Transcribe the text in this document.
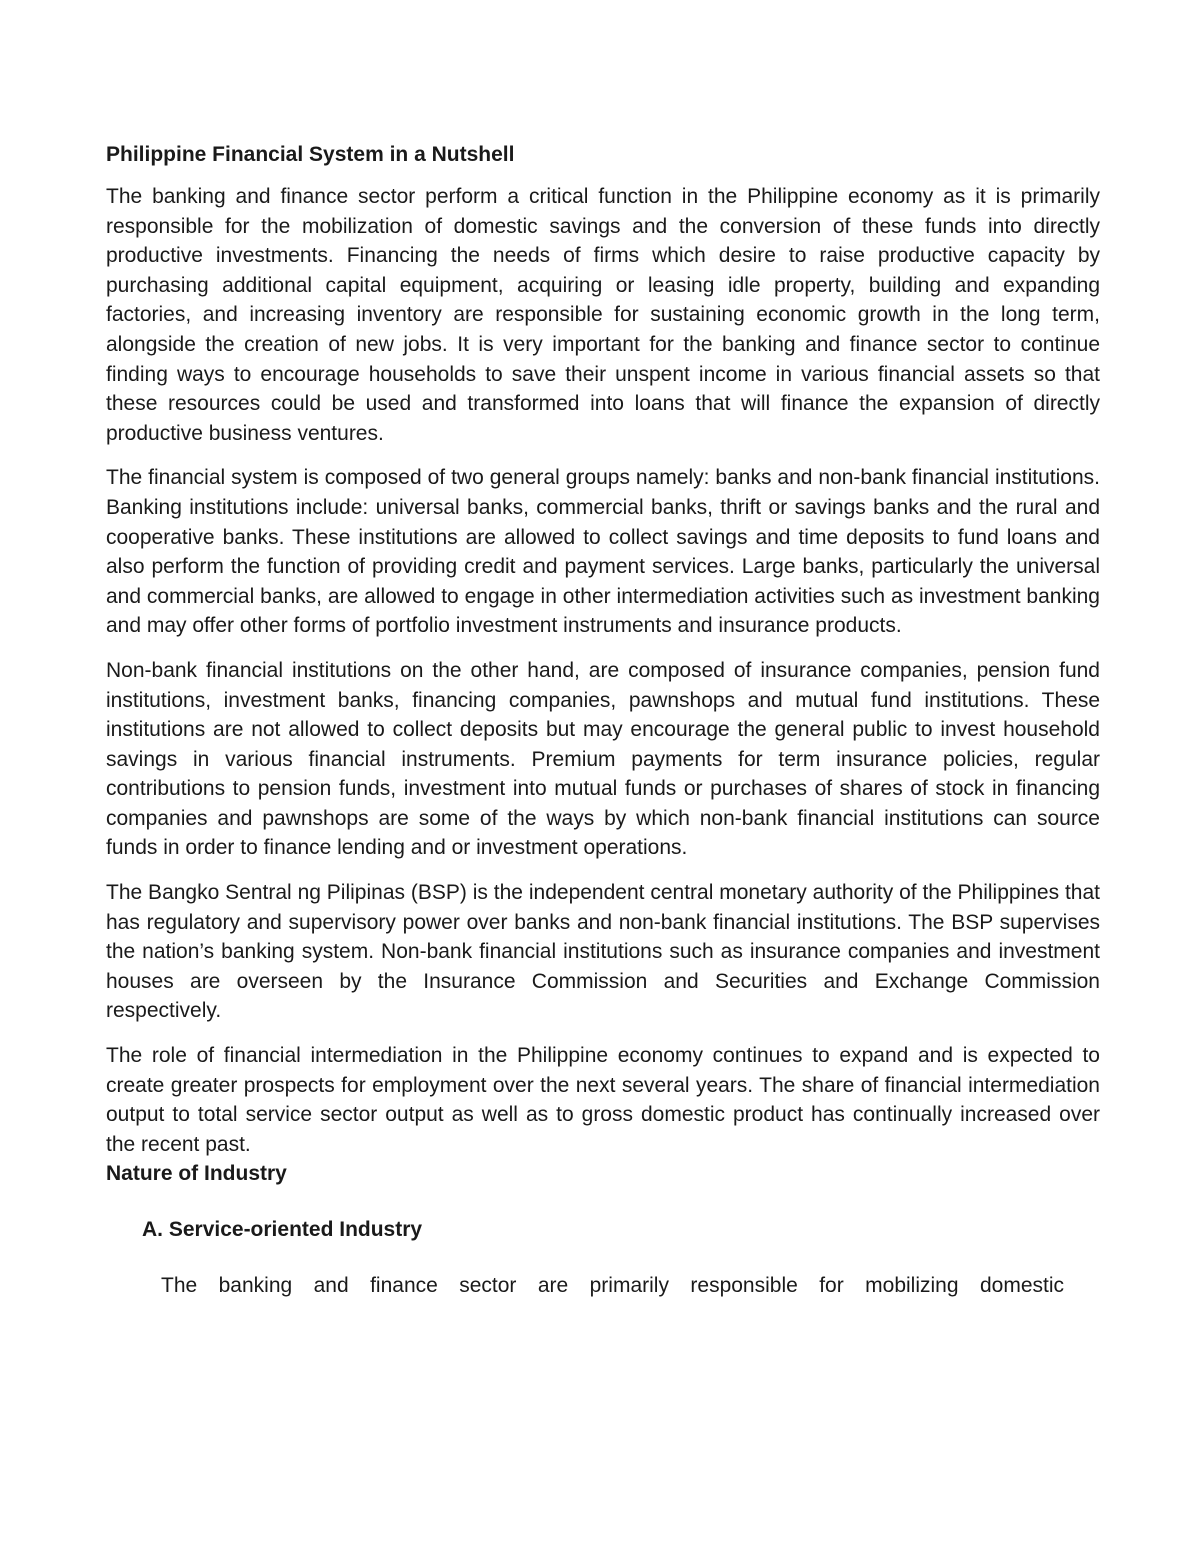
Philippine Financial System in a Nutshell

The banking and finance sector perform a critical function in the Philippine economy as it is primarily responsible for the mobilization of domestic savings and the conversion of these funds into directly productive investments. Financing the needs of firms which desire to raise productive capacity by purchasing additional capital equipment, acquiring or leasing idle property, building and expanding factories, and increasing inventory are responsible for sustaining economic growth in the long term, alongside the creation of new jobs. It is very important for the banking and finance sector to continue finding ways to encourage households to save their unspent income in various financial assets so that these resources could be used and transformed into loans that will finance the expansion of directly productive business ventures.

The financial system is composed of two general groups namely: banks and non-bank financial institutions. Banking institutions include: universal banks, commercial banks, thrift or savings banks and the rural and cooperative banks. These institutions are allowed to collect savings and time deposits to fund loans and also perform the function of providing credit and payment services. Large banks, particularly the universal and commercial banks, are allowed to engage in other intermediation activities such as investment banking and may offer other forms of portfolio investment instruments and insurance products.

Non-bank financial institutions on the other hand, are composed of insurance companies, pension fund institutions, investment banks, financing companies, pawnshops and mutual fund institutions. These institutions are not allowed to collect deposits but may encourage the general public to invest household savings in various financial instruments. Premium payments for term insurance policies, regular contributions to pension funds, investment into mutual funds or purchases of shares of stock in financing companies and pawnshops are some of the ways by which non-bank financial institutions can source funds in order to finance lending and or investment operations.

The Bangko Sentral ng Pilipinas (BSP) is the independent central monetary authority of the Philippines that has regulatory and supervisory power over banks and non-bank financial institutions. The BSP supervises the nation’s banking system. Non-bank financial institutions such as insurance companies and investment houses are overseen by the Insurance Commission and Securities and Exchange Commission respectively.

The role of financial intermediation in the Philippine economy continues to expand and is expected to create greater prospects for employment over the next several years. The share of financial intermediation output to total service sector output as well as to gross domestic product has continually increased over the recent past.

Nature of Industry
A. Service-oriented Industry

The banking and finance sector are primarily responsible for mobilizing domestic
